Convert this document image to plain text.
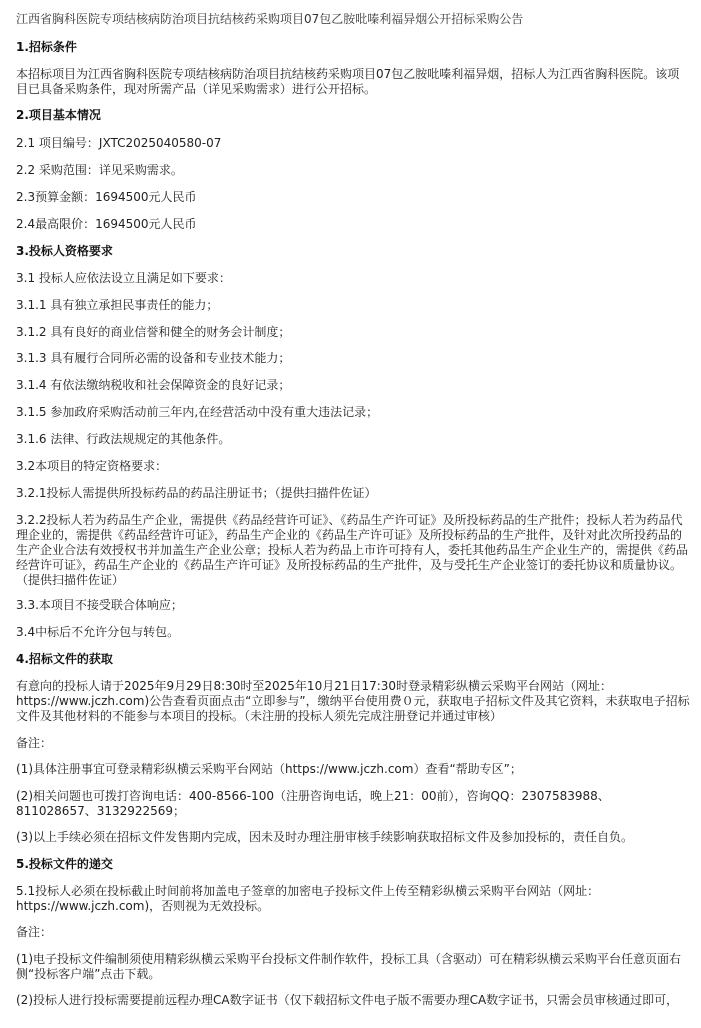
江西省胸科医院专项结核病防治项目抗结核药采购项目07包乙胺吡嗪利福异烟公开招标采购公告
1.招标条件
本招标项目为江西省胸科医院专项结核病防治项目抗结核药采购项目07包乙胺吡嗪利福异烟，招标人为江西省胸科医院。该项目已具备采购条件，现对所需产品（详见采购需求）进行公开招标。
2.项目基本情况
2.1 项目编号：JXTC2025040580-07
2.2 采购范围：详见采购需求。
2.3预算金额：1694500元人民币
2.4最高限价：1694500元人民币
3.投标人资格要求
3.1 投标人应依法设立且满足如下要求：
3.1.1 具有独立承担民事责任的能力；
3.1.2 具有良好的商业信誉和健全的财务会计制度；
3.1.3 具有履行合同所必需的设备和专业技术能力；
3.1.4 有依法缴纳税收和社会保障资金的良好记录；
3.1.5 参加政府采购活动前三年内,在经营活动中没有重大违法记录；
3.1.6 法律、行政法规规定的其他条件。
3.2本项目的特定资格要求：
3.2.1投标人需提供所投标药品的药品注册证书；（提供扫描件佐证）
3.2.2投标人若为药品生产企业，需提供《药品经营许可证》、《药品生产许可证》及所投标药品的生产批件；投标人若为药品代理企业的，需提供《药品经营许可证》，药品生产企业的《药品生产许可证》及所投标药品的生产批件，及针对此次所投药品的生产企业合法有效授权书并加盖生产企业公章；投标人若为药品上市许可持有人，委托其他药品生产企业生产的，需提供《药品经营许可证》，药品生产企业的《药品生产许可证》及所投标药品的生产批件，及与受托生产企业签订的委托协议和质量协议。（提供扫描件佐证）
3.3.本项目不接受联合体响应；
3.4中标后不允许分包与转包。
4.招标文件的获取
有意向的投标人请于2025年9月29日8:30时至2025年10月21日17:30时登录精彩纵横云采购平台网站（网址：https://www.jczh.com)公告查看页面点击“立即参与”，缴纳平台使用费０元，获取电子招标文件及其它资料，未获取电子招标文件及其他材料的不能参与本项目的投标。（未注册的投标人须先完成注册登记并通过审核）
备注：
(1)具体注册事宜可登录精彩纵横云采购平台网站（https://www.jczh.com）查看“帮助专区”；
(2)相关问题也可拨打咨询电话：400-8566-100（注册咨询电话，晚上21：00前），咨询QQ：2307583988、811028657、3132922569；
(3)以上手续必须在招标文件发售期内完成，因未及时办理注册审核手续影响获取招标文件及参加投标的，责任自负。
5.投标文件的递交
5.1投标人必须在投标截止时间前将加盖电子签章的加密电子投标文件上传至精彩纵横云采购平台网站（网址：https://www.jczh.com)，否则视为无效投标。
备注：
(1)电子投标文件编制须使用精彩纵横云采购平台投标文件制作软件，投标工具（含驱动）可在精彩纵横云采购平台任意页面右侧“投标客户端”点击下载。
(2)投标人进行投标需要提前远程办理CA数字证书（仅下载招标文件电子版不需要办理CA数字证书，只需会员审核通过即可，
